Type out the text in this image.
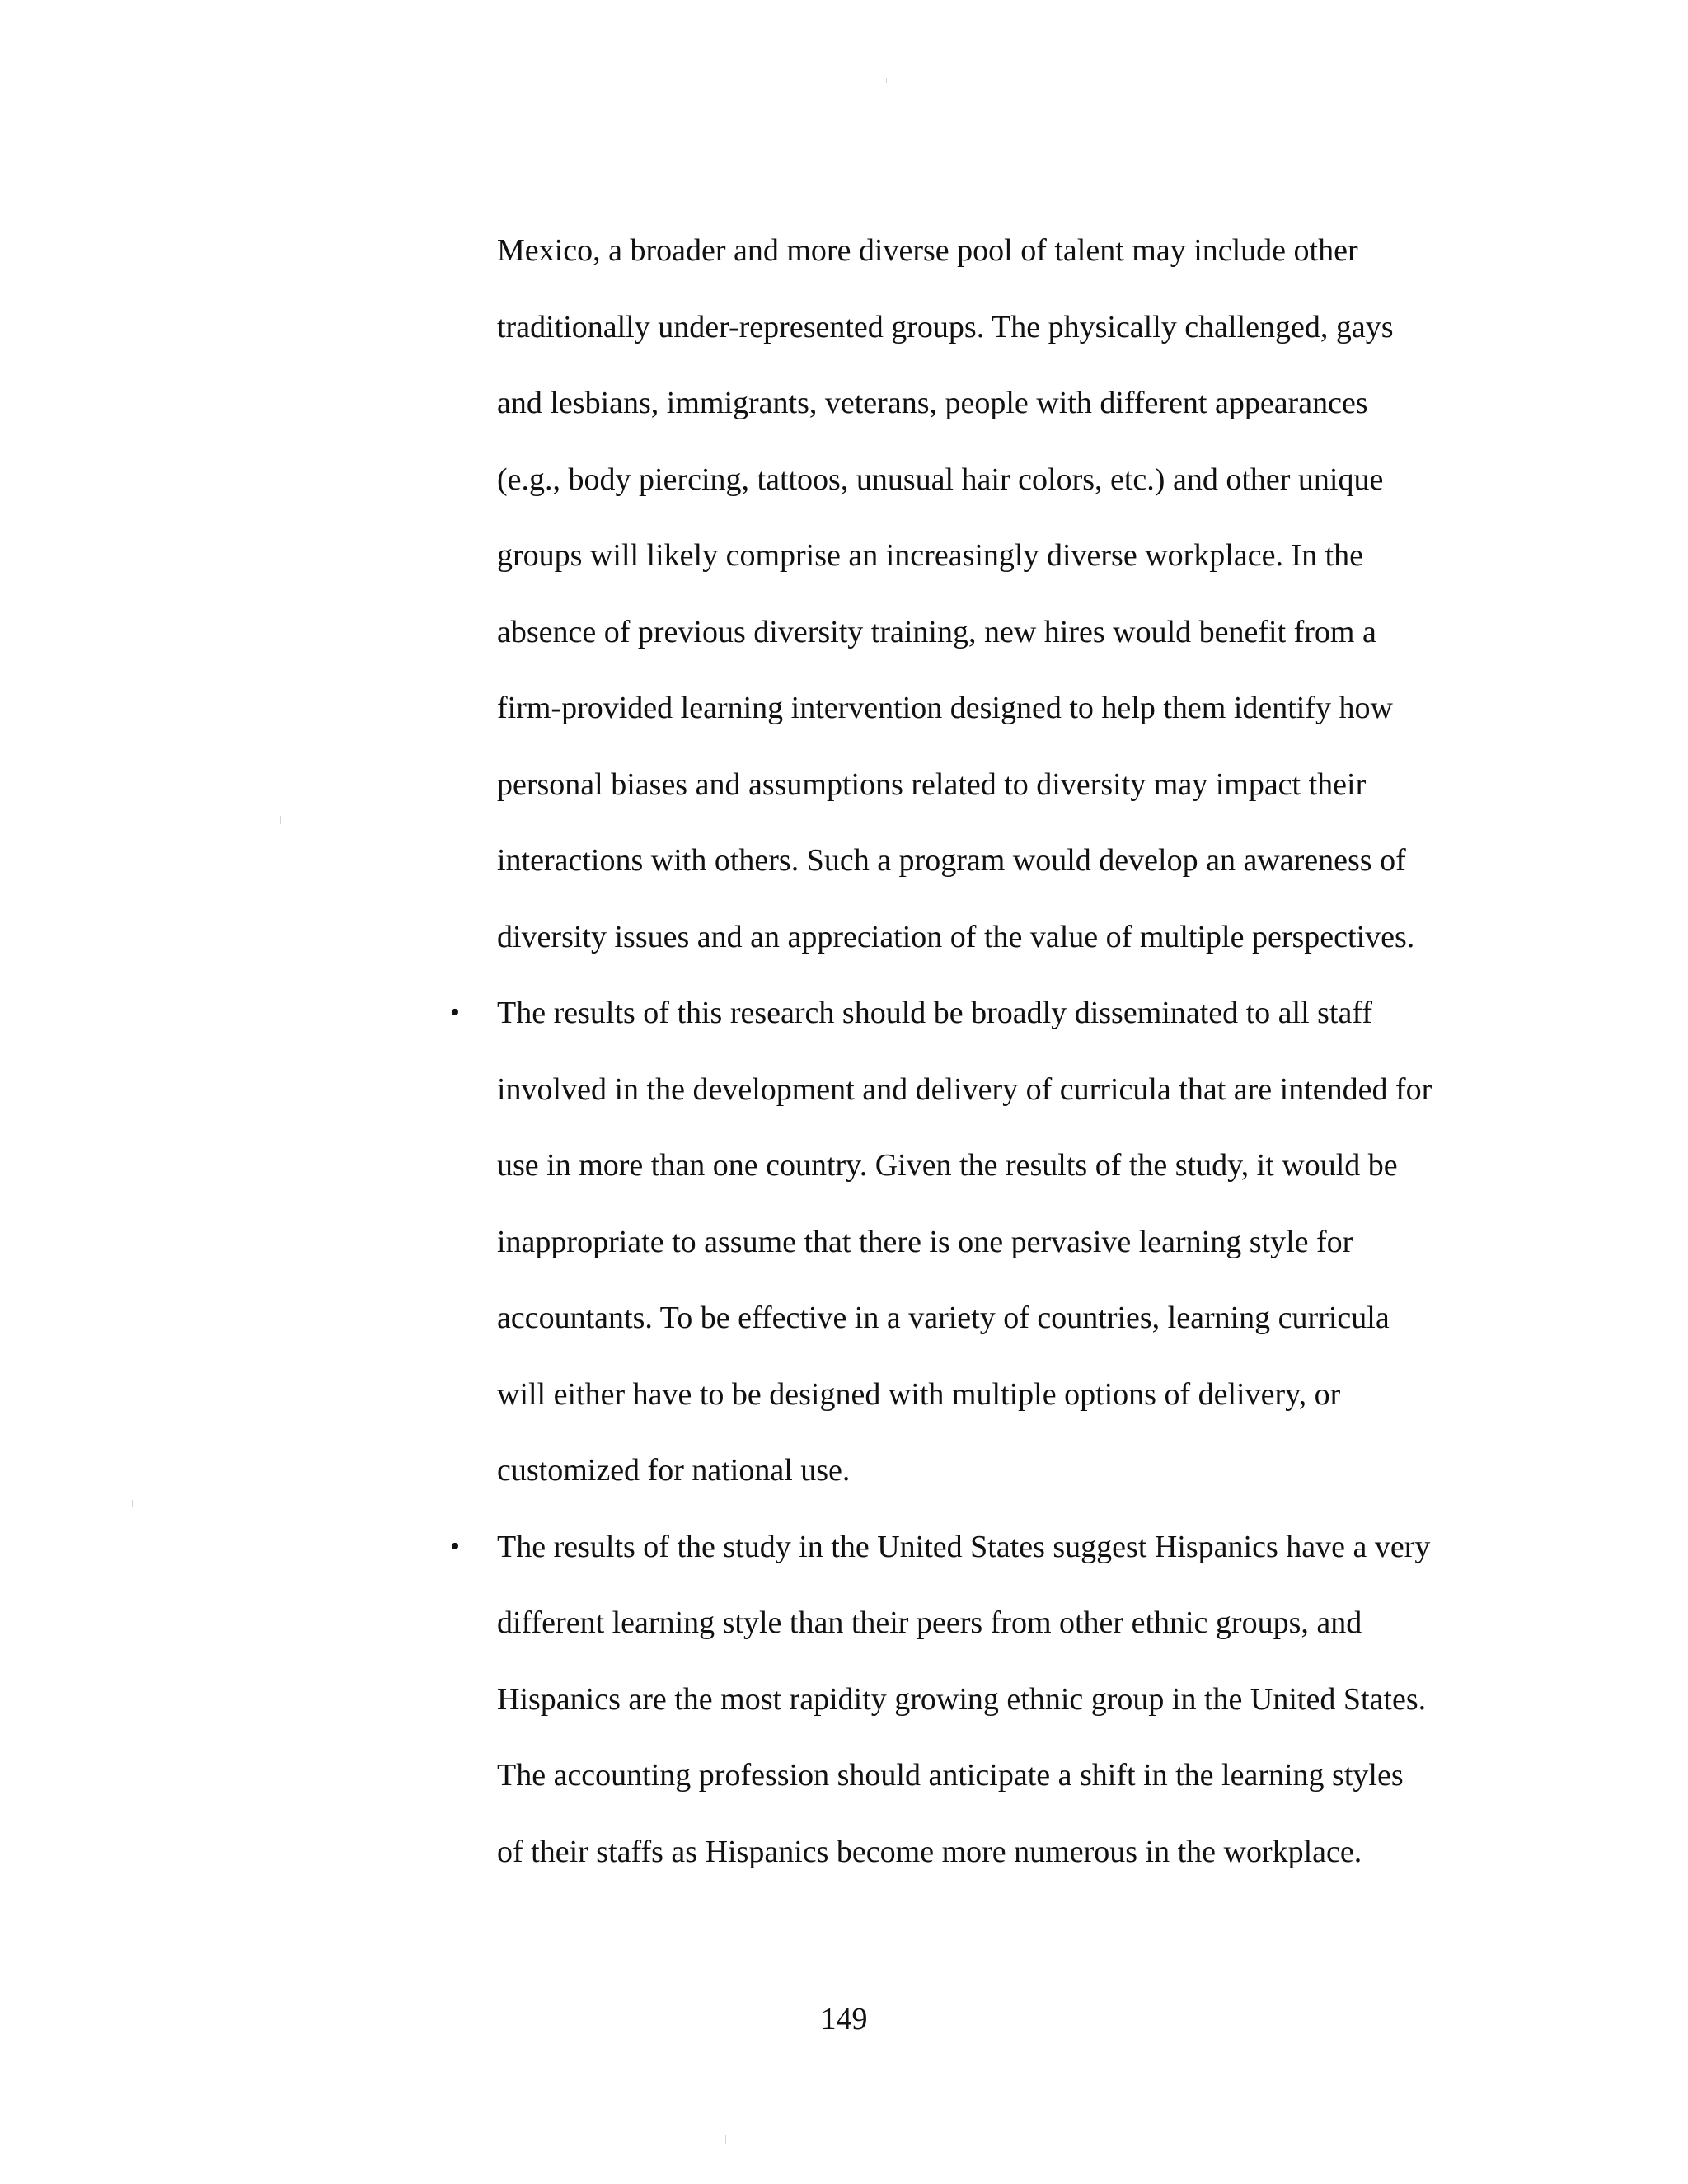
Mexico, a broader and more diverse pool of talent may include other
traditionally under-represented groups. The physically challenged, gays
and lesbians, immigrants, veterans, people with different appearances
(e.g., body piercing, tattoos, unusual hair colors, etc.) and other unique
groups will likely comprise an increasingly diverse workplace. In the
absence of previous diversity training, new hires would benefit from a
firm-provided learning intervention designed to help them identify how
personal biases and assumptions related to diversity may impact their
interactions with others. Such a program would develop an awareness of
diversity issues and an appreciation of the value of multiple perspectives.
• The results of this research should be broadly disseminated to all staff
involved in the development and delivery of curricula that are intended for
use in more than one country. Given the results of the study, it would be
inappropriate to assume that there is one pervasive learning style for
accountants. To be effective in a variety of countries, learning curricula
will either have to be designed with multiple options of delivery, or
customized for national use.
• The results of the study in the United States suggest Hispanics have a very
different learning style than their peers from other ethnic groups, and
Hispanics are the most rapidity growing ethnic group in the United States.
The accounting profession should anticipate a shift in the learning styles
of their staffs as Hispanics become more numerous in the workplace.
149
